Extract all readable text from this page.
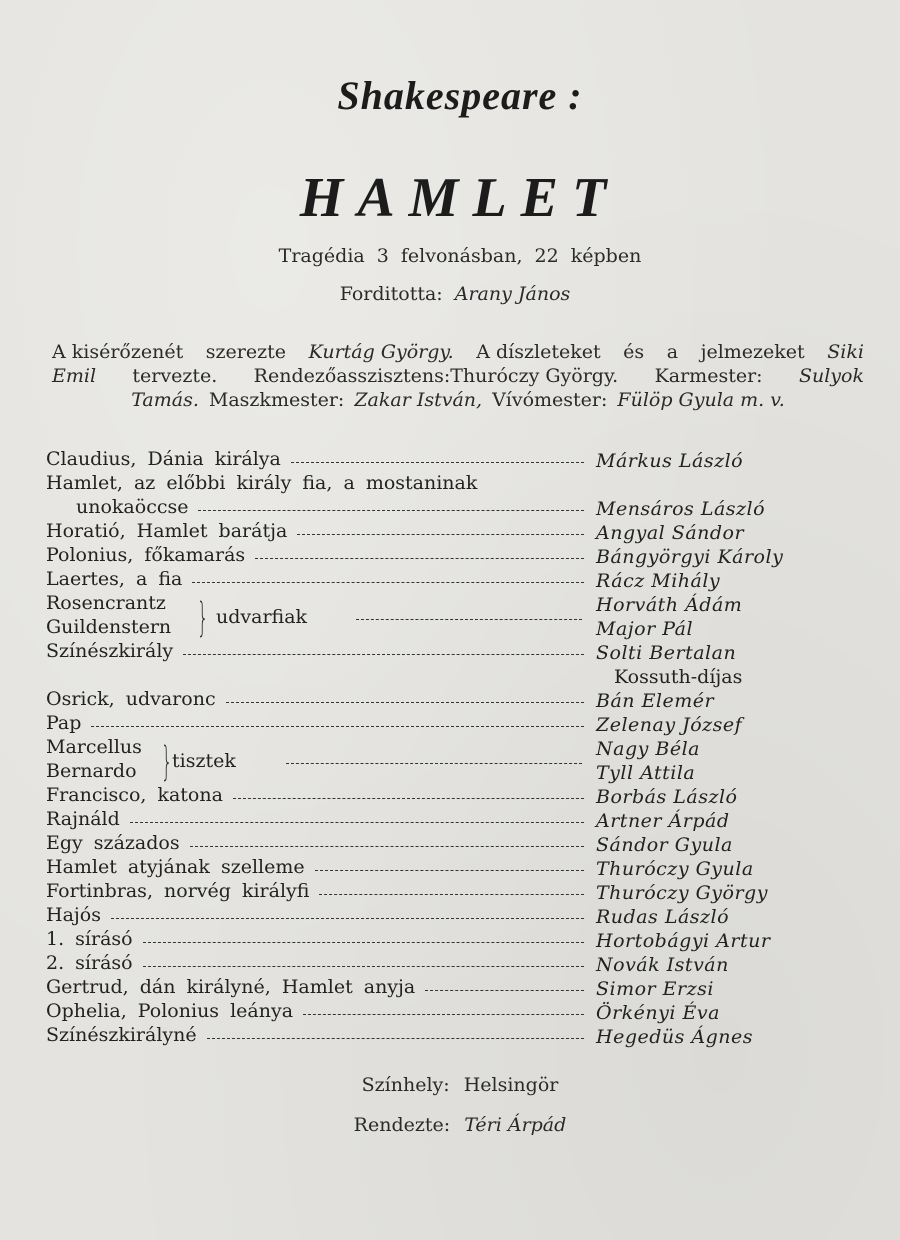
Shakespeare :
HAMLET
Tragédia 3 felvonásban, 22 képben
Forditotta: Arany János
A kisérőzenét szerezte Kurtág György. A díszleteket és a jelmezeket Siki
Emil tervezte. Rendezőasszisztens:Thuróczy György. Karmester: Sulyok
Tamás. Maszkmester: Zakar István, Vívómester: Fülöp Gyula m. v.
Claudius, Dánia királya	Márkus László
Hamlet, az előbbi király fia, a mostaninak
unokaöccse	Mensáros László
Horatió, Hamlet barátja	Angyal Sándor
Polonius, főkamarás	Bángyörgyi Károly
Laertes, a fia	Rácz Mihály
Rosencrantz	Horváth Ádám
Guildenstern	Major Pál
Színészkirály	Solti Bertalan
Kossuth-díjas
Osrick, udvaronc	Bán Elemér
Pap	Zelenay József
Marcellus	Nagy Béla
Bernardo	Tyll Attila
Francisco, katona	Borbás László
Rajnáld	Artner Árpád
Egy százados	Sándor Gyula
Hamlet atyjának szelleme	Thuróczy Gyula
Fortinbras, norvég királyfi	Thuróczy György
Hajós	Rudas László
1. sírásó	Hortobágyi Artur
2. sírásó	Novák István
Gertrud, dán királyné, Hamlet anyja	Simor Erzsi
Ophelia, Polonius leánya	Örkényi Éva
Színészkirályné	Hegedüs Ágnes
} udvarfiak
} tisztek
Színhely: Helsingör
Rendezte: Téri Árpád
